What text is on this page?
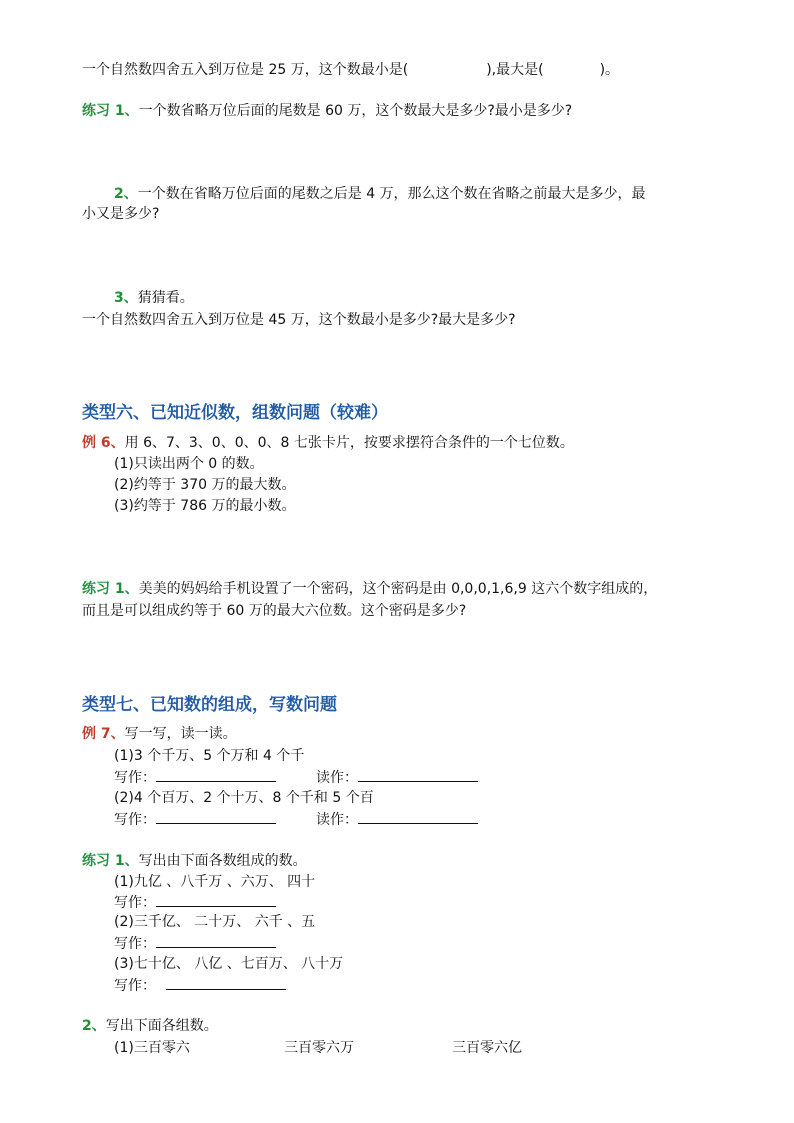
一个自然数四舍五入到万位是 25 万，这个数最小是(	),最大是(	)。
练习 1、一个数省略万位后面的尾数是 60 万，这个数最大是多少?最小是多少?
2、一个数在省略万位后面的尾数之后是 4 万，那么这个数在省略之前最大是多少，最
小又是多少?
3、猜猜看。
一个自然数四舍五入到万位是 45 万，这个数最小是多少?最大是多少?
类型六、已知近似数，组数问题（较难）
例 6、用 6、7、3、0、0、0、8 七张卡片，按要求摆符合条件的一个七位数。
(1)只读出两个 0 的数。
(2)约等于 370 万的最大数。
(3)约等于 786 万的最小数。
练习 1、美美的妈妈给手机设置了一个密码，这个密码是由 0,0,0,1,6,9 这六个数字组成的，
而且是可以组成约等于 60 万的最大六位数。这个密码是多少?
类型七、已知数的组成，写数问题
例 7、写一写，读一读。
(1)3 个千万、5 个万和 4 个千
写作：	读作：
(2)4 个百万、2 个十万、8 个千和 5 个百
写作：	读作：
练习 1、写出由下面各数组成的数。
(1)九亿 、八千万 、六万、 四十
写作：
(2)三千亿、 二十万、 六千 、五
写作：
(3)七十亿、 八亿 、七百万、 八十万
写作：
2、写出下面各组数。
(1)三百零六	三百零六万	三百零六亿
